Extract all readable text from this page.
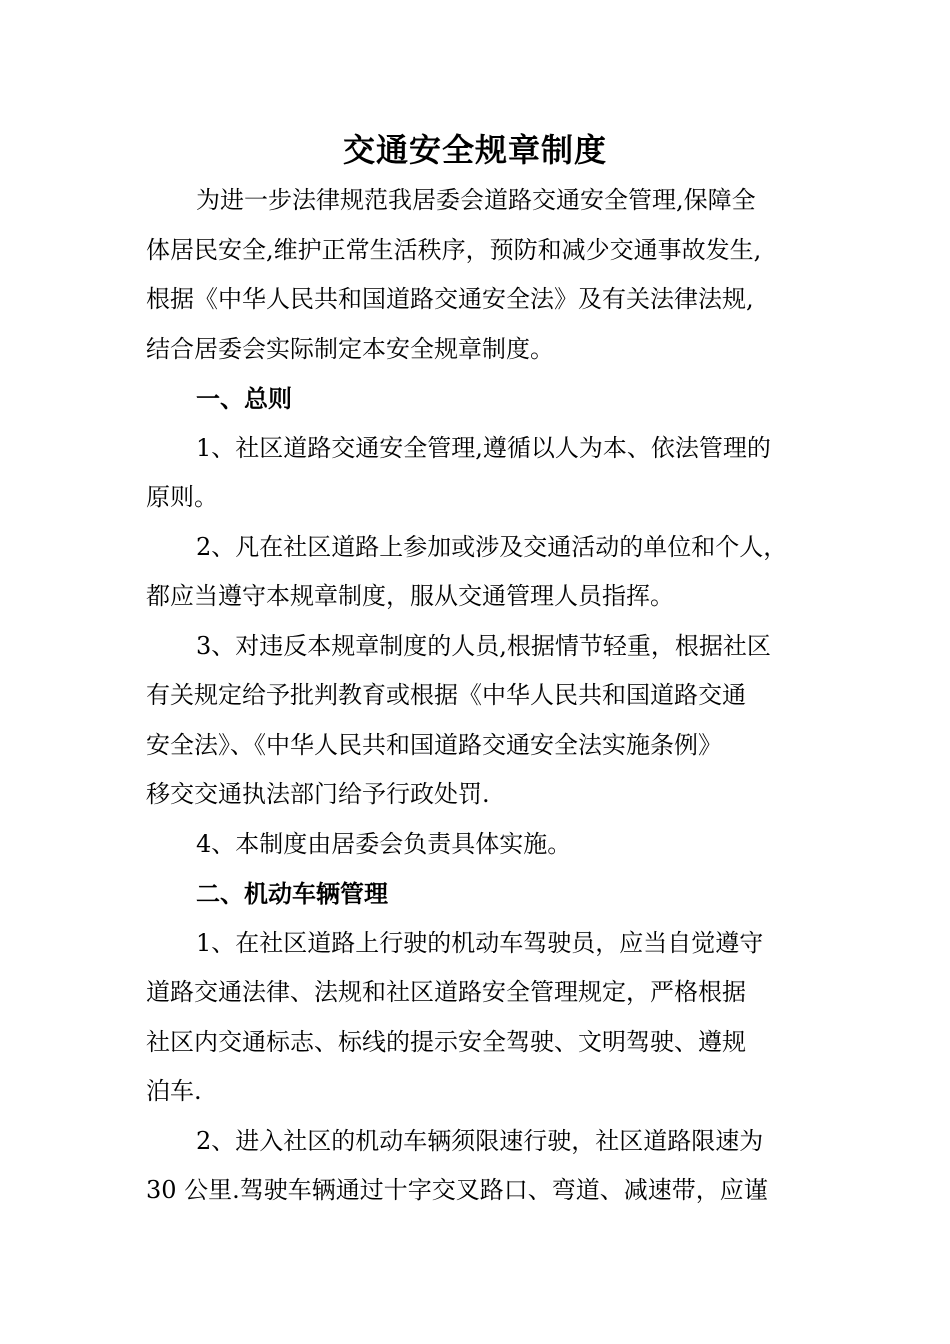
交通安全规章制度
为进一步法律规范我居委会道路交通安全管理,保障全
体居民安全,维护正常生活秩序，预防和减少交通事故发生,
根据《中华人民共和国道路交通安全法》及有关法律法规,
结合居委会实际制定本安全规章制度。
一、总则
1、社区道路交通安全管理,遵循以人为本、依法管理的
原则。
2、凡在社区道路上参加或涉及交通活动的单位和个人，
都应当遵守本规章制度，服从交通管理人员指挥。
3、对违反本规章制度的人员,根据情节轻重，根据社区
有关规定给予批判教育或根据《中华人民共和国道路交通
安全法》、《中华人民共和国道路交通安全法实施条例》
移交交通执法部门给予行政处罚.
4、本制度由居委会负责具体实施。
二、机动车辆管理
1、在社区道路上行驶的机动车驾驶员，应当自觉遵守
道路交通法律、法规和社区道路安全管理规定，严格根据
社区内交通标志、标线的提示安全驾驶、文明驾驶、遵规
泊车.
2、进入社区的机动车辆须限速行驶，社区道路限速为
30 公里.驾驶车辆通过十字交叉路口、弯道、减速带，应谨
